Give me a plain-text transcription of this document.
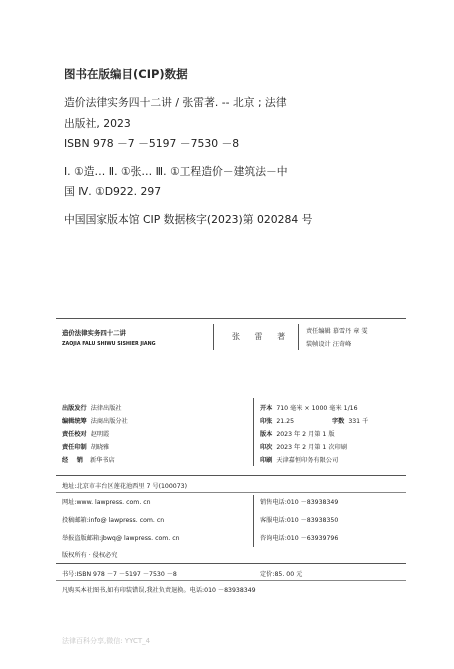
图书在版编目(CIP)数据
造价法律实务四十二讲 / 张雷著. -- 北京 ; 法律
出版社, 2023
ISBN 978 －7 －5197 －7530 －8
Ⅰ. ①造… Ⅱ. ①张… Ⅲ. ①工程造价－建筑法－中
国 Ⅳ. ①D922. 297
中国国家版本馆 CIP 数据核字(2023)第 020284 号
造价法律实务四十二讲
ZAOJIA FALU SHIWU SISHIER JIANG
张 雷 著
责任编辑 慕雪丹 章 雯
装帧设计 汪奇峰
出版发行 法律出版社
编辑统筹 法商出版分社
责任校对 赵明霞
责任印制 胡晓雅
经    销 新华书店
开本 710 毫米 × 1000 毫米 1/16
印张 21.25	字数 331 千
版本 2023 年 2 月第 1 版
印次 2023 年 2 月第 1 次印刷
印刷 天津嘉恒印务有限公司
地址:北京市丰台区莲花池西里 7 号(100073)
网址:www. lawpress. com. cn
投稿邮箱:info@ lawpress. com. cn
举报盗版邮箱:jbwq@ lawpress. com. cn
版权所有 · 侵权必究
销售电话:010 －83938349
客服电话:010 －83938350
咨询电话:010 －63939796
书号:ISBN 978 －7 －5197 －7530 －8	定价:85. 00 元
凡购买本社图书,如有印装错误,我社负责退换。电话:010 －83938349
法律百科分享,微信: YYCT_4
